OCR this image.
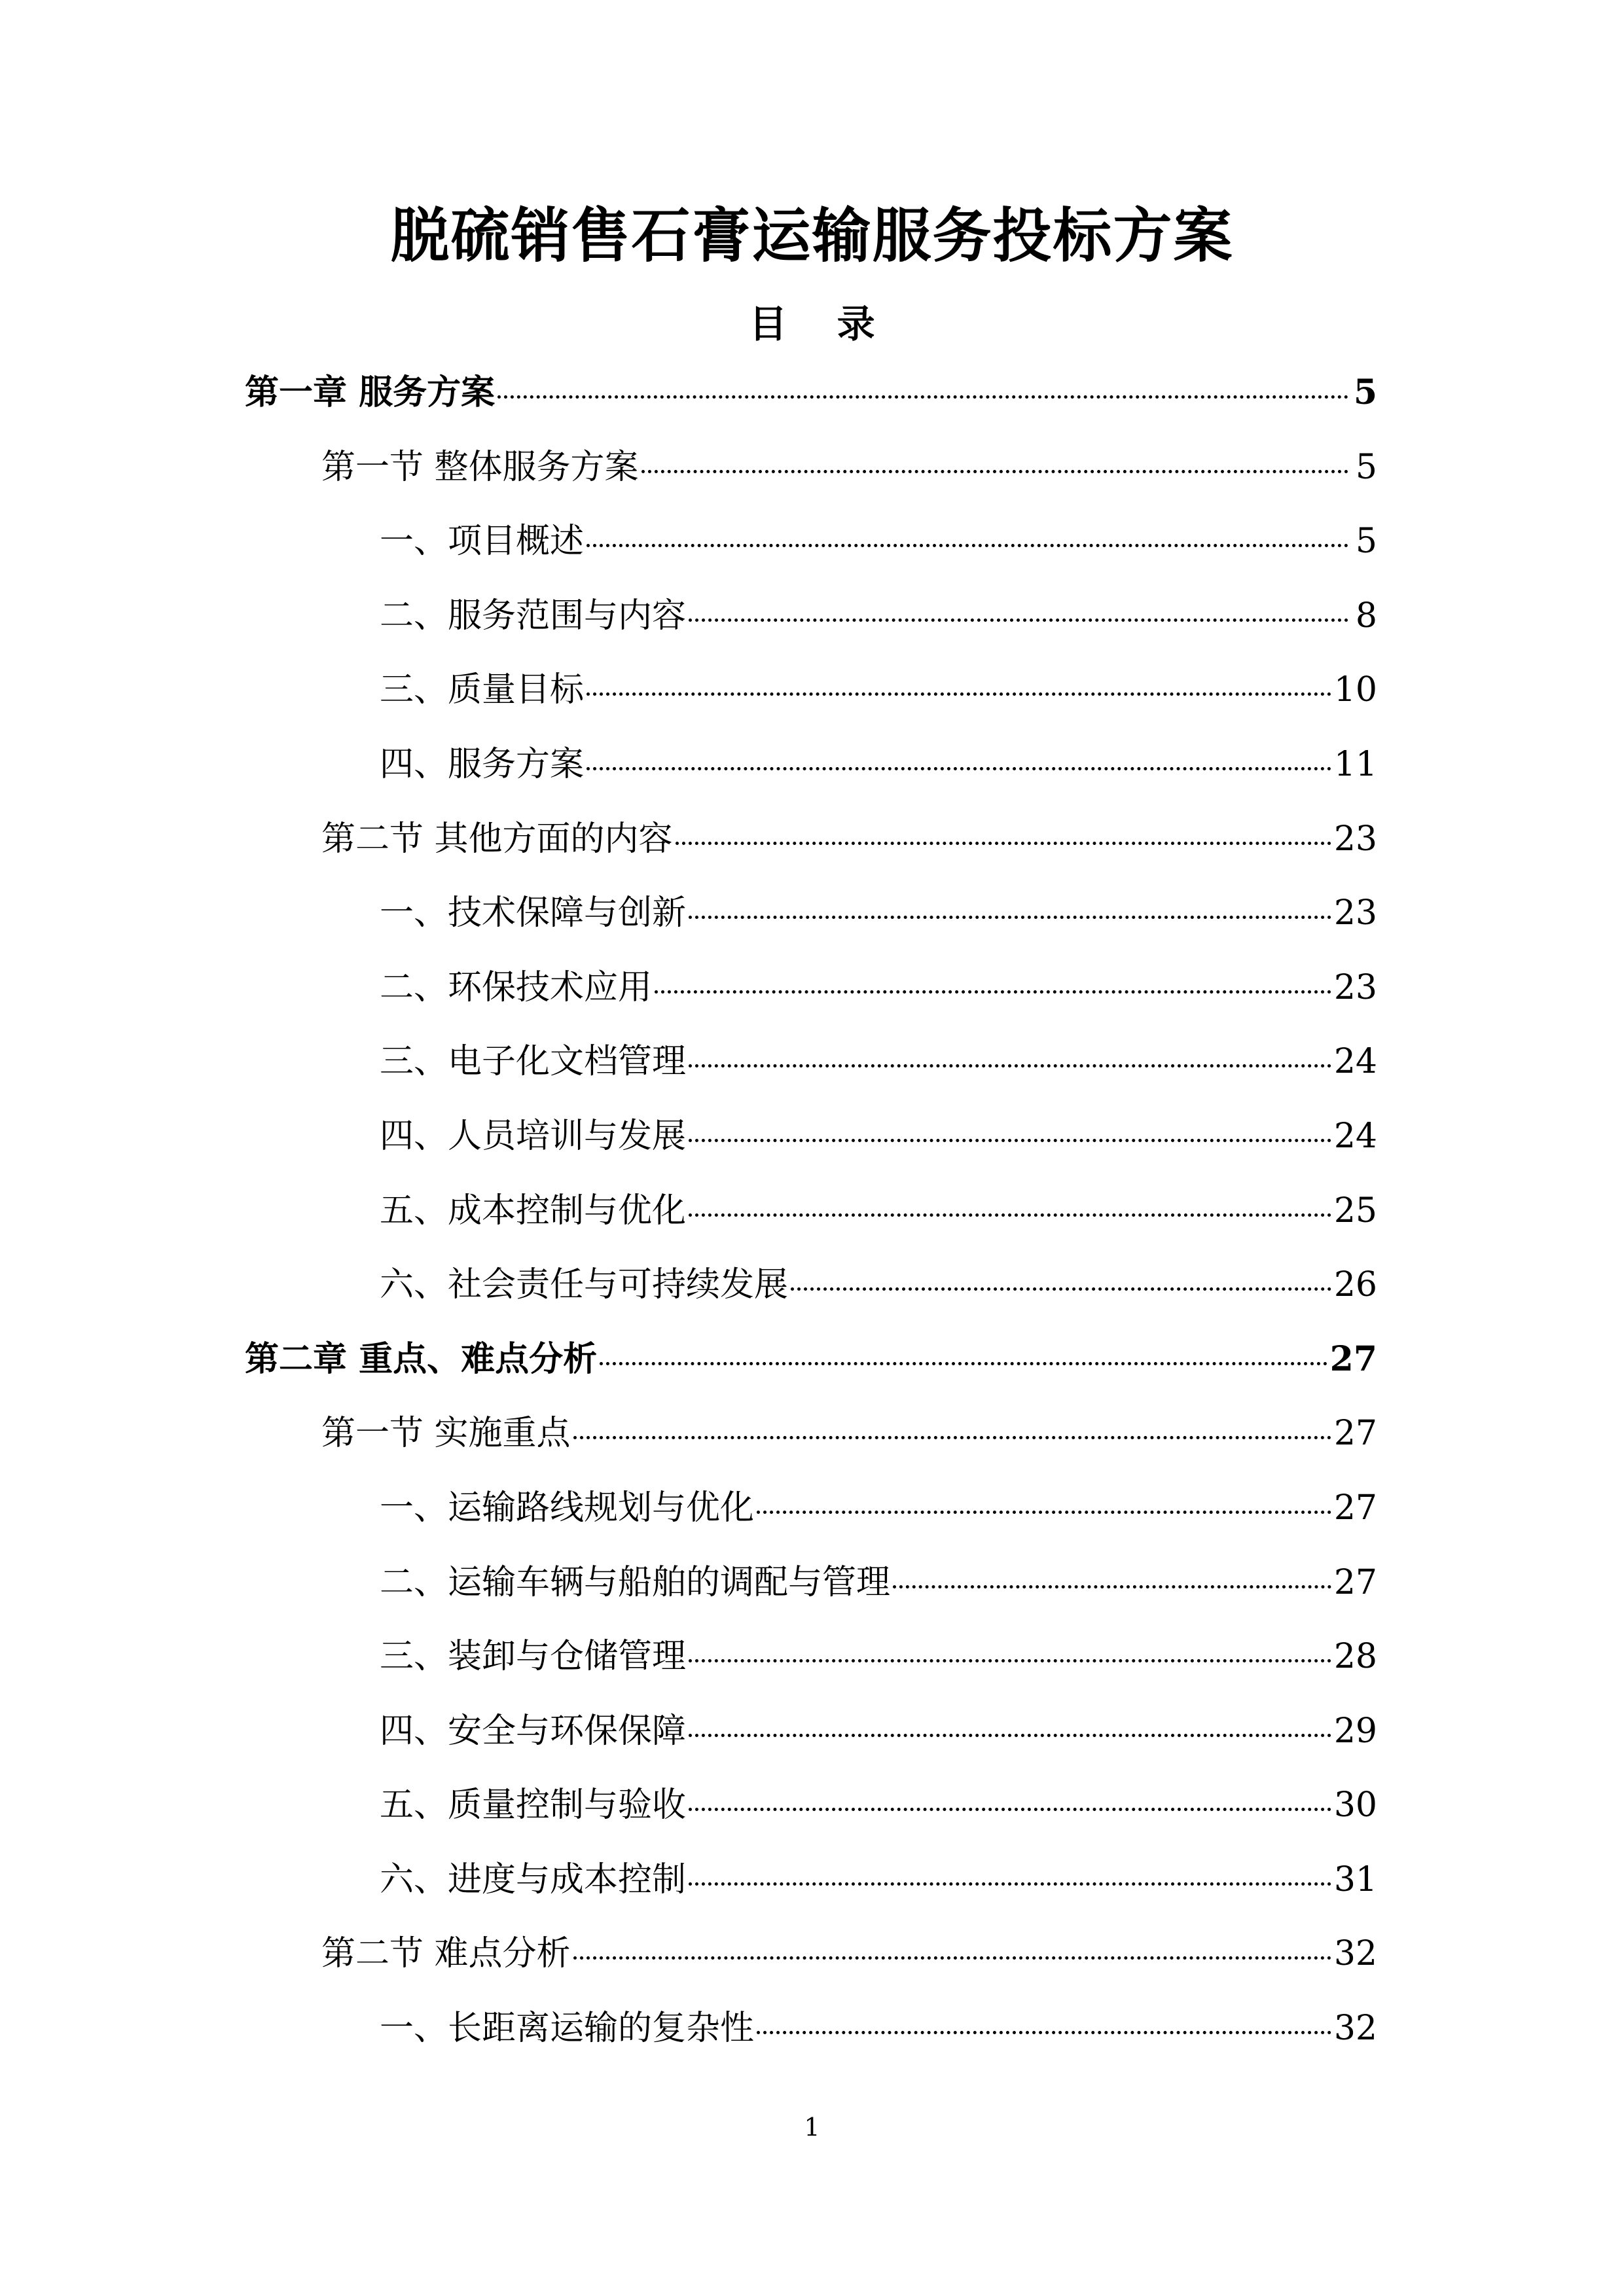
脱硫销售石膏运输服务投标方案
目 录
第一章 服务方案	5
第一节 整体服务方案	5
一、项目概述	5
二、服务范围与内容	8
三、质量目标	10
四、服务方案	11
第二节 其他方面的内容	23
一、技术保障与创新	23
二、环保技术应用	23
三、电子化文档管理	24
四、人员培训与发展	24
五、成本控制与优化	25
六、社会责任与可持续发展	26
第二章 重点、难点分析	27
第一节 实施重点	27
一、运输路线规划与优化	27
二、运输车辆与船舶的调配与管理	27
三、装卸与仓储管理	28
四、安全与环保保障	29
五、质量控制与验收	30
六、进度与成本控制	31
第二节 难点分析	32
一、长距离运输的复杂性	32
1
